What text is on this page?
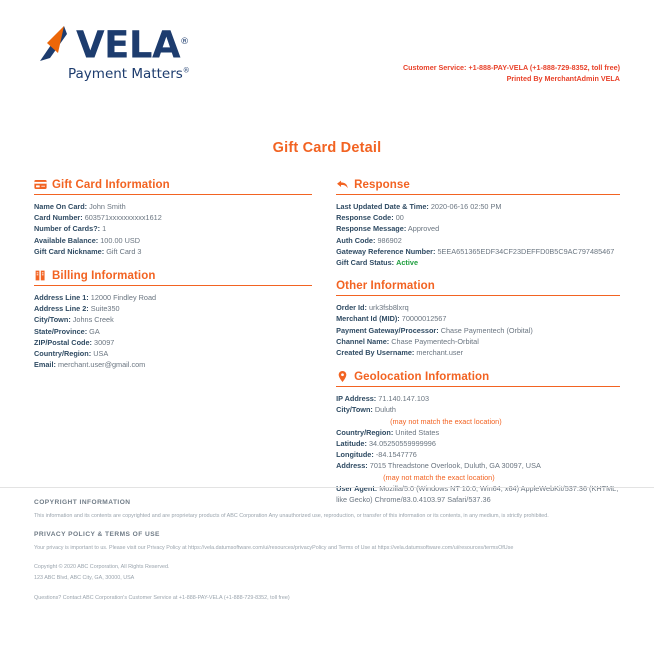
VELA®
Payment Matters®	Customer Service: +1-888-PAY-VELA (+1-888-729-8352, toll free)
Printed By MerchantAdmin VELA
Gift Card Detail
Gift Card Information
Name On Card: John Smith
Card Number: 603571xxxxxxxxxx1612
Number of Cards?: 1
Available Balance: 100.00 USD
Gift Card Nickname: Gift Card 3
Billing Information
Address Line 1: 12000 Findley Road
Address Line 2: Suite350
City/Town: Johns Creek
State/Province: GA
ZIP/Postal Code: 30097
Country/Region: USA
Email: merchant.user@gmail.com
Response
Last Updated Date & Time: 2020-06-16 02:50 PM
Response Code: 00
Response Message: Approved
Auth Code: 986902
Gateway Reference Number: 5EEA651365EDF34CF23DEFFD0B5C9AC797485467
Gift Card Status: Active
Other Information
Order Id: urk3fsb8lxrq
Merchant Id (MID): 70000012567
Payment Gateway/Processor: Chase Paymentech (Orbital)
Channel Name: Chase Paymentech-Orbital
Created By Username: merchant.user
Geolocation Information
IP Address: 71.140.147.103
City/Town: Duluth
(may not match the exact location)
Country/Region: United States
Latitude: 34.05250559999996
Longitude: -84.1547776
Address: 7015 Threadstone Overlook, Duluth, GA 30097, USA
(may not match the exact location)
User Agent: Mozilla/5.0 (Windows NT 10.0; Win64; x64) AppleWebKit/537.36 (KHTML, like Gecko) Chrome/83.0.4103.97 Safari/537.36
COPYRIGHT INFORMATION
This information and its contents are copyrighted and are proprietary products of ABC Corporation Any unauthorized use, reproduction, or transfer of this information or its contents, in any medium, is strictly prohibited.
PRIVACY POLICY & TERMS OF USE
Your privacy is important to us. Please visit our Privacy Policy at https://vela.datumsoftware.com/ui/resources/privacyPolicy and Terms of Use at https://vela.datumsoftware.com/ui/resources/termsOfUse
Copyright © 2020 ABC Corporation, All Rights Reserved.
123 ABC Blvd, ABC City, GA, 30000, USA
Questions? Contact ABC Corporation's Customer Service at +1-888-PAY-VELA (+1-888-729-8352, toll free)
